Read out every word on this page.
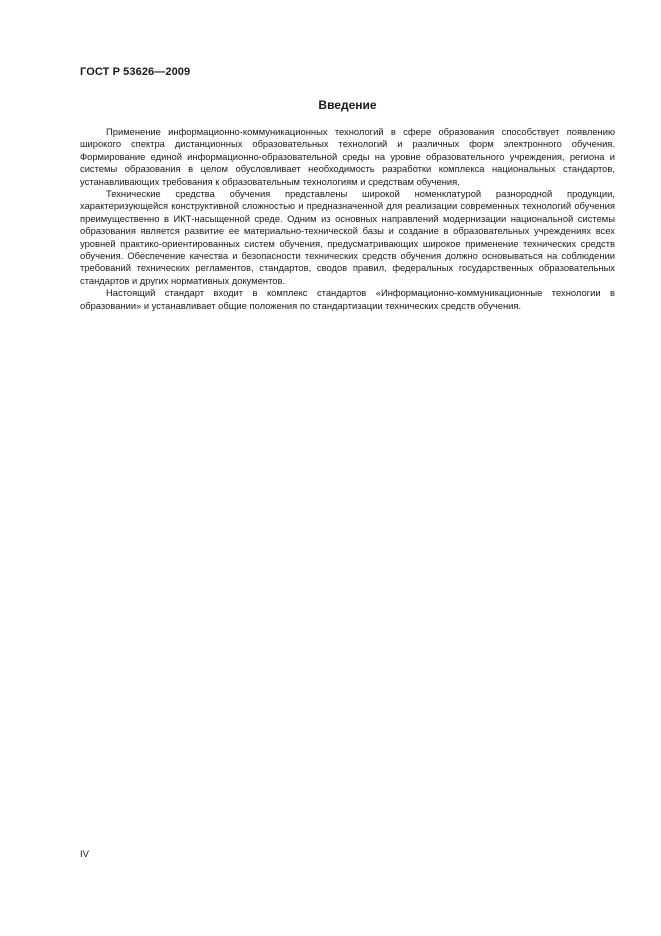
ГОСТ Р 53626—2009
Введение

Применение информационно-коммуникационных технологий в сфере образования способствует появлению широкого спектра дистанционных образовательных технологий и различных форм электронного обучения. Формирование единой информационно-образовательной среды на уровне образовательного учреждения, региона и системы образования в целом обусловливает необходимость разработки комплекса национальных стандартов, устанавливающих требования к образовательным технологиям и средствам обучения.

Технические средства обучения представлены широкой номенклатурой разнородной продукции, характеризующейся конструктивной сложностью и предназначенной для реализации современных технологий обучения преимущественно в ИКТ-насыщенной среде. Одним из основных направлений модернизации национальной системы образования является развитие ее материально-технической базы и создание в образовательных учреждениях всех уровней практико-ориентированных систем обучения, предусматривающих широкое применение технических средств обучения. Обеспечение качества и безопасности технических средств обучения должно основываться на соблюдении требований технических регламентов, стандартов, сводов правил, федеральных государственных образовательных стандартов и других нормативных документов.

Настоящий стандарт входит в комплекс стандартов «Информационно-коммуникационные технологии в образовании» и устанавливает общие положения по стандартизации технических средств обучения.

IV
